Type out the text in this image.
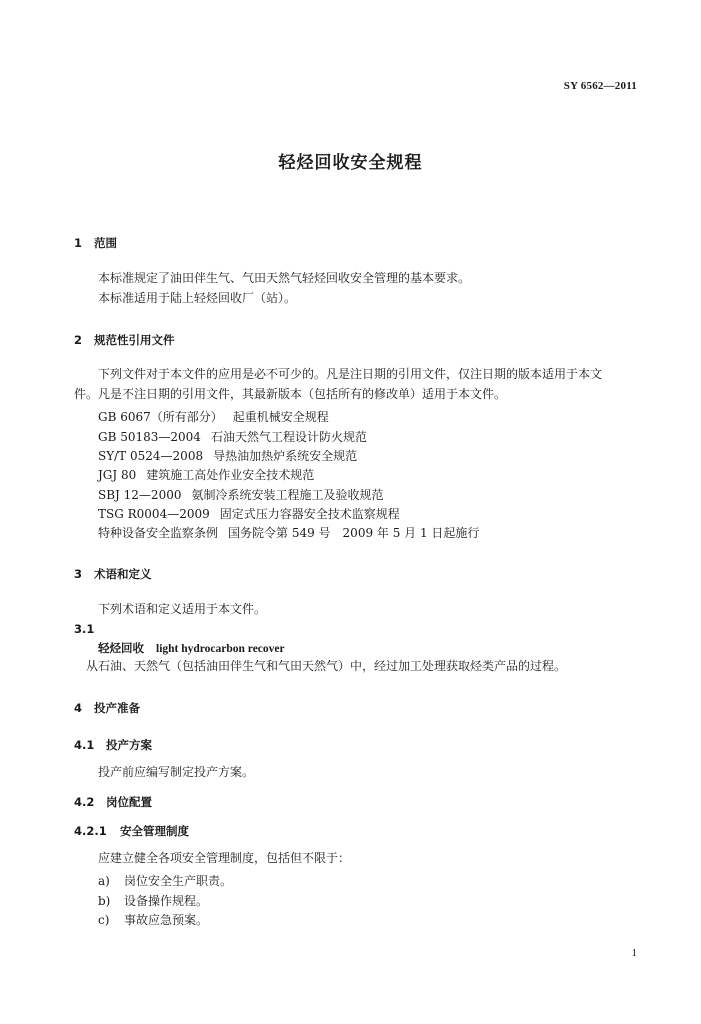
SY 6562—2011
轻烃回收安全规程
1 范围
本标准规定了油田伴生气、气田天然气轻烃回收安全管理的基本要求。
本标准适用于陆上轻烃回收厂（站）。
2 规范性引用文件
下列文件对于本文件的应用是必不可少的。凡是注日期的引用文件，仅注日期的版本适用于本文
件。凡是不注日期的引用文件，其最新版本（包括所有的修改单）适用于本文件。
GB 6067（所有部分） 起重机械安全规程
GB 50183—2004 石油天然气工程设计防火规范
SY/T 0524—2008 导热油加热炉系统安全规范
JGJ 80 建筑施工高处作业安全技术规范
SBJ 12—2000 氨制冷系统安装工程施工及验收规范
TSG R0004—2009 固定式压力容器安全技术监察规程
特种设备安全监察条例 国务院令第 549 号　2009 年 5 月 1 日起施行
3 术语和定义
下列术语和定义适用于本文件。
3.1
轻烃回收 light hydrocarbon recover
从石油、天然气（包括油田伴生气和气田天然气）中，经过加工处理获取烃类产品的过程。
4 投产准备
4.1 投产方案
投产前应编写制定投产方案。
4.2 岗位配置
4.2.1 安全管理制度
应建立健全各项安全管理制度，包括但不限于：
a) 岗位安全生产职责。
b) 设备操作规程。
c) 事故应急预案。
1
